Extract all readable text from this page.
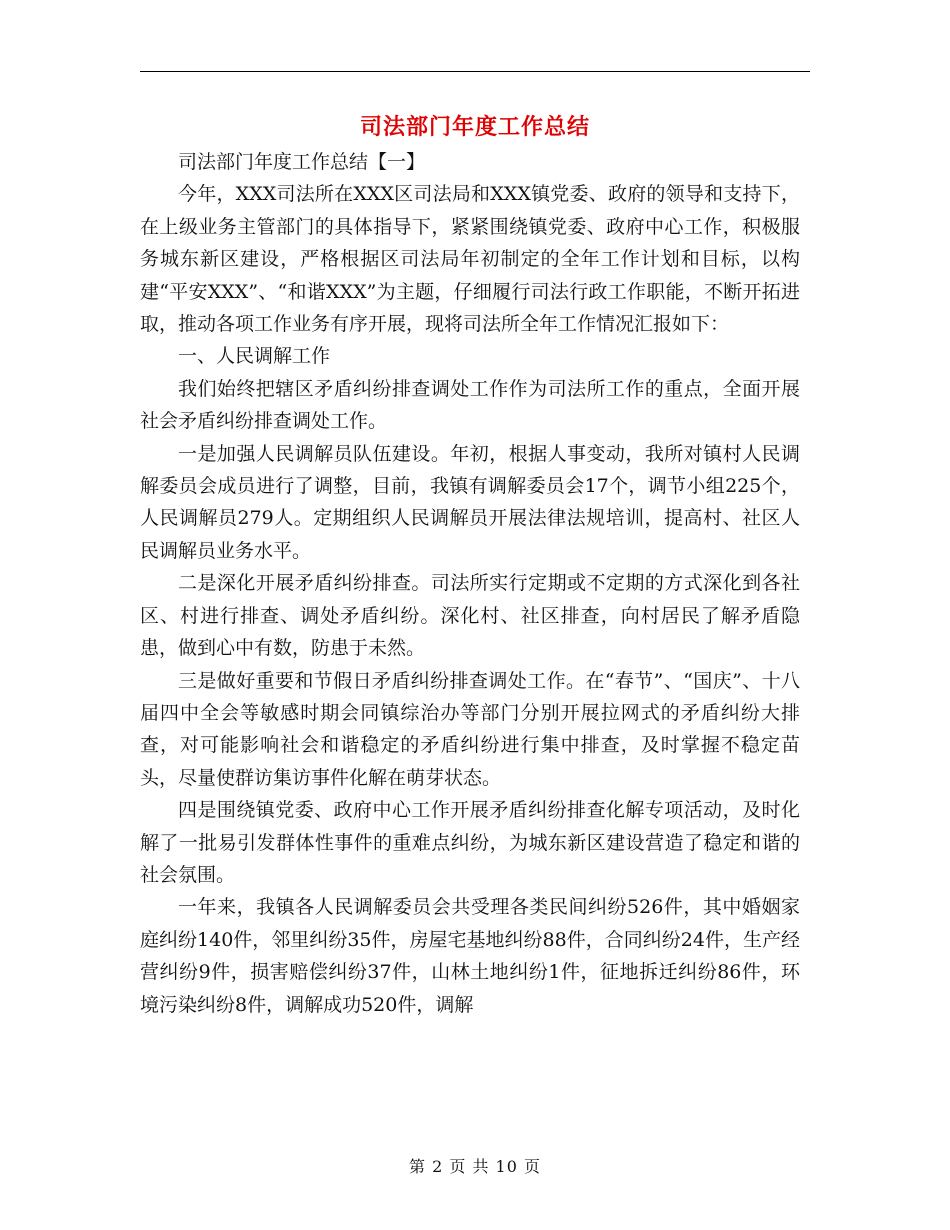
司法部门年度工作总结

司法部门年度工作总结【一】

今年，XXX司法所在XXX区司法局和XXX镇党委、政府的领导和支持下，在上级业务主管部门的具体指导下，紧紧围绕镇党委、政府中心工作，积极服务城东新区建设，严格根据区司法局年初制定的全年工作计划和目标，以构建“平安XXX”、“和谐XXX”为主题，仔细履行司法行政工作职能，不断开拓进取，推动各项工作业务有序开展，现将司法所全年工作情况汇报如下：

一、人民调解工作

我们始终把辖区矛盾纠纷排查调处工作作为司法所工作的重点，全面开展社会矛盾纠纷排查调处工作。

一是加强人民调解员队伍建设。年初，根据人事变动，我所对镇村人民调解委员会成员进行了调整，目前，我镇有调解委员会17个，调节小组225个，人民调解员279人。定期组织人民调解员开展法律法规培训，提高村、社区人民调解员业务水平。

二是深化开展矛盾纠纷排查。司法所实行定期或不定期的方式深化到各社区、村进行排查、调处矛盾纠纷。深化村、社区排查，向村居民了解矛盾隐患，做到心中有数，防患于未然。

三是做好重要和节假日矛盾纠纷排查调处工作。在“春节”、“国庆”、十八届四中全会等敏感时期会同镇综治办等部门分别开展拉网式的矛盾纠纷大排查，对可能影响社会和谐稳定的矛盾纠纷进行集中排查，及时掌握不稳定苗头，尽量使群访集访事件化解在萌芽状态。

四是围绕镇党委、政府中心工作开展矛盾纠纷排查化解专项活动，及时化解了一批易引发群体性事件的重难点纠纷，为城东新区建设营造了稳定和谐的社会氛围。

一年来，我镇各人民调解委员会共受理各类民间纠纷526件，其中婚姻家庭纠纷140件，邻里纠纷35件，房屋宅基地纠纷88件，合同纠纷24件，生产经营纠纷9件，损害赔偿纠纷37件，山林土地纠纷1件，征地拆迁纠纷86件，环境污染纠纷8件，调解成功520件，调解

第 2 页 共 10 页
